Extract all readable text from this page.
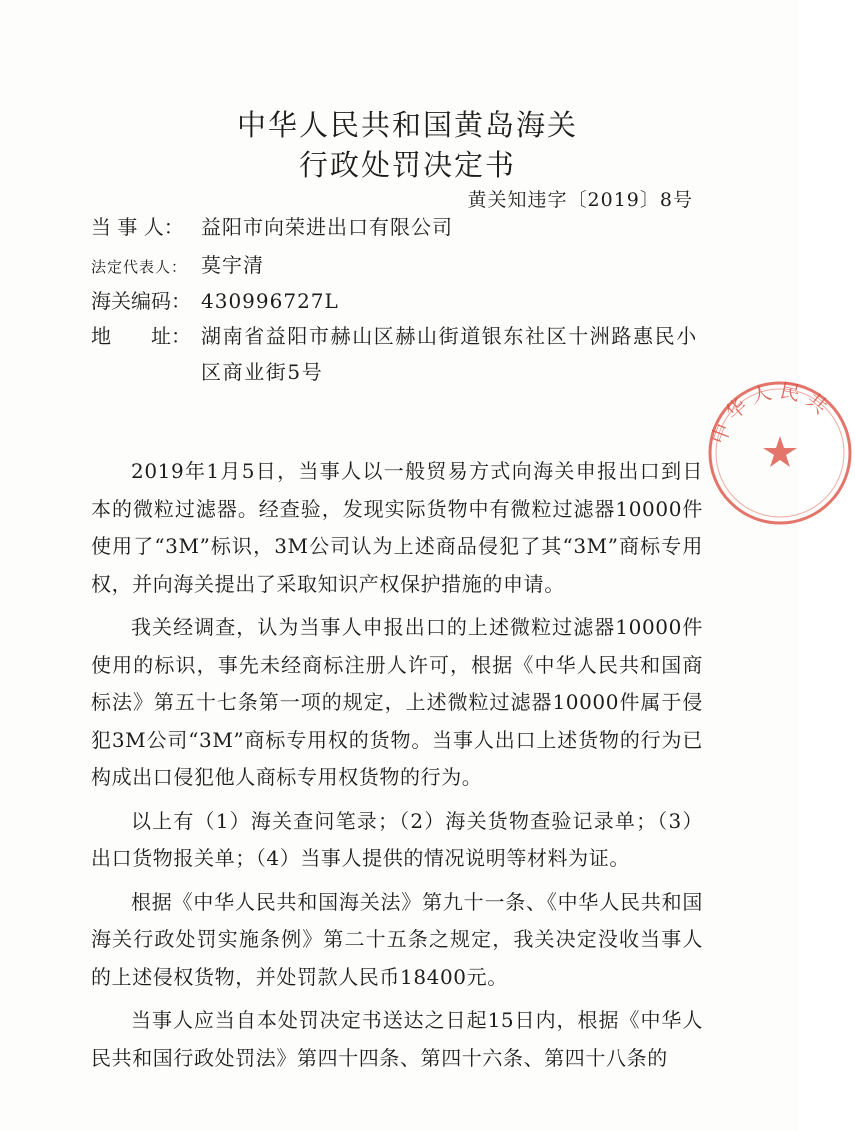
中华人民共和国黄岛海关
行政处罚决定书
黄关知违字〔2019〕8号
当 事 人： 益阳市向荣进出口有限公司
法定代表人： 莫宇清
海关编码： 430996727L
地　　址： 湖南省益阳市赫山区赫山街道银东社区十洲路惠民小区商业街5号

2019年1月5日，当事人以一般贸易方式向海关申报出口到日本的微粒过滤器。经查验，发现实际货物中有微粒过滤器10000件使用了“3M”标识，3M公司认为上述商品侵犯了其“3M”商标专用权，并向海关提出了采取知识产权保护措施的申请。

我关经调查，认为当事人申报出口的上述微粒过滤器10000件使用的标识，事先未经商标注册人许可，根据《中华人民共和国商标法》第五十七条第一项的规定，上述微粒过滤器10000件属于侵犯3M公司“3M”商标专用权的货物。当事人出口上述货物的行为已构成出口侵犯他人商标专用权货物的行为。

以上有（1）海关查问笔录；（2）海关货物查验记录单；（3）出口货物报关单；（4）当事人提供的情况说明等材料为证。

根据《中华人民共和国海关法》第九十一条、《中华人民共和国海关行政处罚实施条例》第二十五条之规定，我关决定没收当事人的上述侵权货物，并处罚款人民币18400元。

当事人应当自本处罚决定书送达之日起15日内，根据《中华人民共和国行政处罚法》第四十四条、第四十六条、第四十八条的

中华人民共
